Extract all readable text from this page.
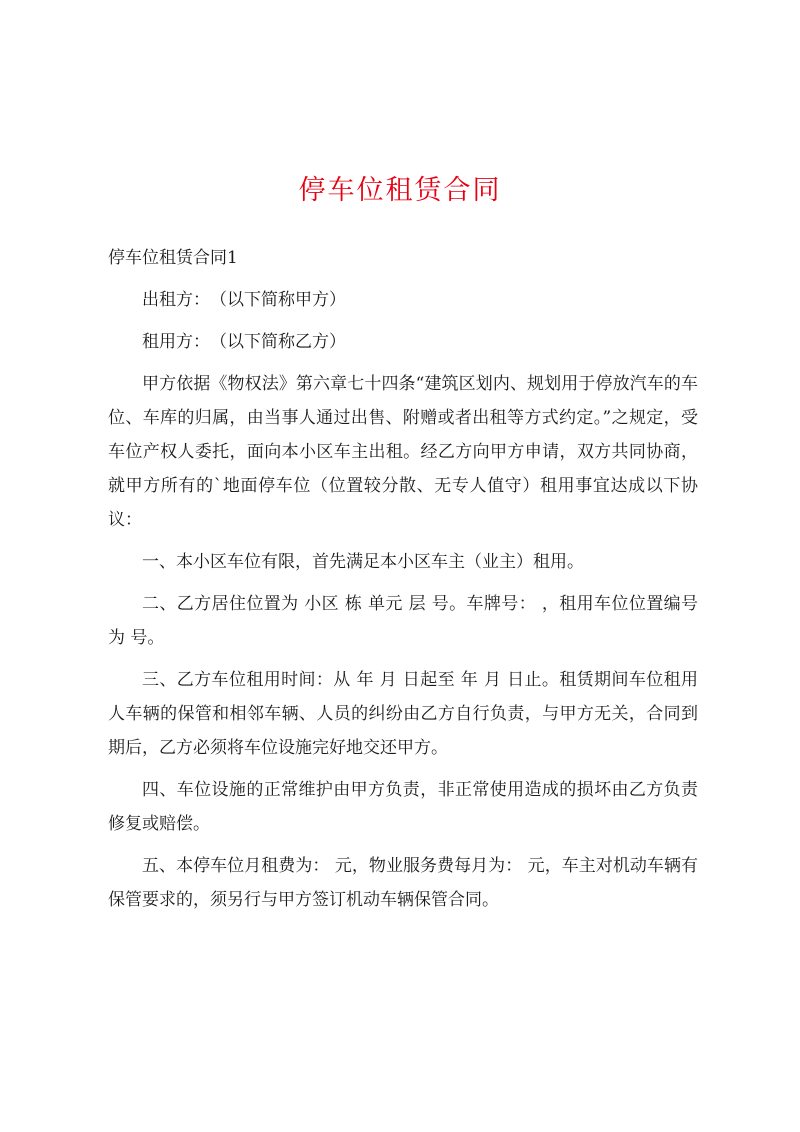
停车位租赁合同

停车位租赁合同1

出租方：　（以下简称甲方）

租用方：　（以下简称乙方）

甲方依据《物权法》第六章七十四条“建筑区划内、规划用于停放汽车的车位、车库的归属，由当事人通过出售、附赠或者出租等方式约定。”之规定，受车位产权人委托，面向本小区车主出租。经乙方向甲方申请，双方共同协商，就甲方所有的`地面停车位（位置较分散、无专人值守）租用事宜达成以下协议：

一、本小区车位有限，首先满足本小区车主（业主）租用。

二、乙方居住位置为 小区 栋 单元 层 号。车牌号： ，租用车位位置编号为 号。

三、乙方车位租用时间：从 年 月 日起至 年 月 日止。租赁期间车位租用人车辆的保管和相邻车辆、人员的纠纷由乙方自行负责，与甲方无关，合同到期后，乙方必须将车位设施完好地交还甲方。

四、车位设施的正常维护由甲方负责，非正常使用造成的损坏由乙方负责修复或赔偿。

五、本停车位月租费为： 元，物业服务费每月为： 元，车主对机动车辆有保管要求的，须另行与甲方签订机动车辆保管合同。
